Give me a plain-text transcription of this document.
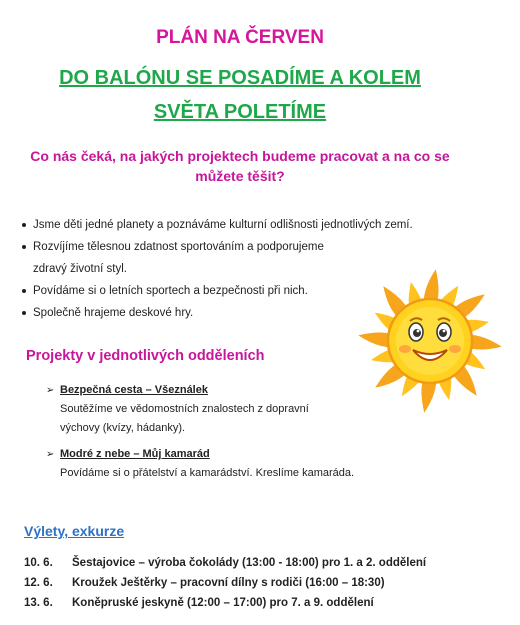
PLÁN NA ČERVEN
DO BALÓNU SE POSADÍME A KOLEM
SVĚTA POLETÍME
Co nás čeká, na jakých projektech budeme pracovat a na co se můžete těšit?
Jsme děti jedné planety a poznáváme kulturní odlišnosti jednotlivých zemí.
Rozvíjíme tělesnou zdatnost sportováním a podporujeme
zdravý životní styl.
Povídáme si o letních sportech a bezpečnosti při nich.
Společně hrajeme deskové hry.
Projekty v jednotlivých odděleních
➢ Bezpečná cesta – Všeználek
Soutěžíme ve vědomostních znalostech z dopravní
výchovy (kvízy, hádanky).
➢ Modré z nebe – Můj kamarád
Povídáme si o přátelství a kamarádství. Kreslíme kamaráda.
Výlety, exkurze
10. 6. Šestajovice – výroba čokolády (13:00 - 18:00) pro 1. a 2. oddělení
12. 6. Kroužek Ještěrky – pracovní dílny s rodiči (16:00 – 18:30)
13. 6. Koněpruské jeskyně (12:00 – 17:00) pro 7. a 9. oddělení
